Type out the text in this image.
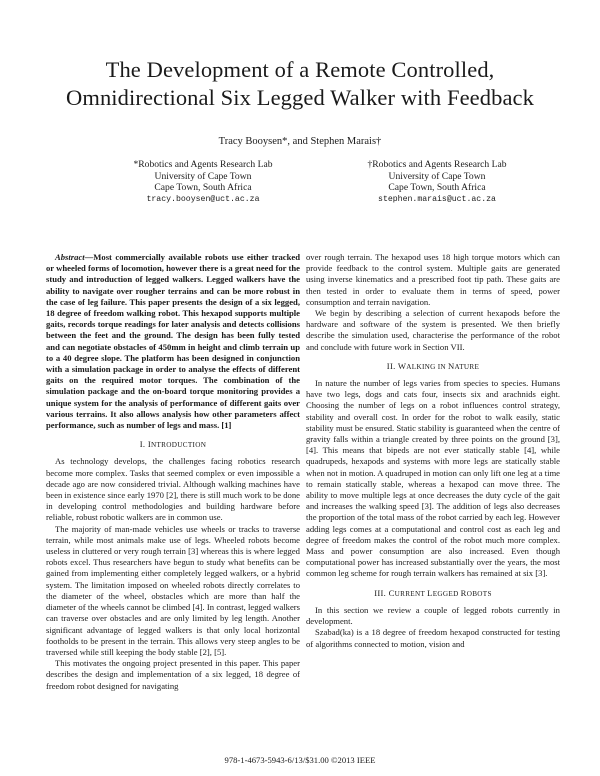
The Development of a Remote Controlled,
Omnidirectional Six Legged Walker with Feedback
Tracy Booysen*, and Stephen Marais†
*Robotics and Agents Research Lab
University of Cape Town
Cape Town, South Africa
tracy.booysen@uct.ac.za
†Robotics and Agents Research Lab
University of Cape Town
Cape Town, South Africa
stephen.marais@uct.ac.za

Abstract—Most commercially available robots use either tracked or wheeled forms of locomotion, however there is a great need for the study and introduction of legged walkers. Legged walkers have the ability to navigate over rougher terrains and can be more robust in the case of leg failure. This paper presents the design of a six legged, 18 degree of freedom walking robot. This hexapod supports multiple gaits, records torque readings for later analysis and detects collisions between the feet and the ground. The design has been fully tested and can negotiate obstacles of 450mm in height and climb terrain up to a 40 degree slope. The platform has been designed in conjunction with a simulation package in order to analyse the effects of different gaits on the required motor torques. The combination of the simulation package and the on-board torque monitoring provides a unique system for the analysis of performance of different gaits over various terrains. It also allows analysis how other parameters affect performance, such as number of legs and mass. [1]

I. INTRODUCTION

As technology develops, the challenges facing robotics research become more complex. Tasks that seemed complex or even impossible a decade ago are now considered trivial. Although walking machines have been in existence since early 1970 [2], there is still much work to be done in developing control methodologies and building hardware before reliable, robust robotic walkers are in common use.

The majority of man-made vehicles use wheels or tracks to traverse terrain, while most animals make use of legs. Wheeled robots become useless in cluttered or very rough terrain [3] whereas this is where legged robots excel. Thus researchers have begun to study what benefits can be gained from implementing either completely legged walkers, or a hybrid system. The limitation imposed on wheeled robots directly correlates to the diameter of the wheel, obstacles which are more than half the diameter of the wheels cannot be climbed [4]. In contrast, legged walkers can traverse over obstacles and are only limited by leg length. Another significant advantage of legged walkers is that only local horizontal footholds to be present in the terrain. This allows very steep angles to be traversed while still keeping the body stable [2], [5].

This motivates the ongoing project presented in this paper. This paper describes the design and implementation of a six legged, 18 degree of freedom robot designed for navigating

over rough terrain. The hexapod uses 18 high torque motors which can provide feedback to the control system. Multiple gaits are generated using inverse kinematics and a prescribed foot tip path. These gaits are then tested in order to evaluate them in terms of speed, power consumption and terrain navigation.

We begin by describing a selection of current hexapods before the hardware and software of the system is presented. We then briefly describe the simulation used, characterise the performance of the robot and conclude with future work in Section VII.

II. WALKING IN NATURE

In nature the number of legs varies from species to species. Humans have two legs, dogs and cats four, insects six and arachnids eight. Choosing the number of legs on a robot influences control strategy, stability and overall cost. In order for the robot to walk easily, static stability must be ensured. Static stability is guaranteed when the centre of gravity falls within a triangle created by three points on the ground [3], [4]. This means that bipeds are not ever statically stable [4], while quadrupeds, hexapods and systems with more legs are statically stable when not in motion. A quadruped in motion can only lift one leg at a time to remain statically stable, whereas a hexapod can move three. The ability to move multiple legs at once decreases the duty cycle of the gait and increases the walking speed [3]. The addition of legs also decreases the proportion of the total mass of the robot carried by each leg. However adding legs comes at a computational and control cost as each leg and degree of freedom makes the control of the robot much more complex. Mass and power consumption are also increased. Even though computational power has increased substantially over the years, the most common leg scheme for rough terrain walkers has remained at six [3].

III. CURRENT LEGGED ROBOTS

In this section we review a couple of legged robots currently in development.

Szabad(ka) is a 18 degree of freedom hexapod constructed for testing of algorithms connected to motion, vision and

978-1-4673-5943-6/13/$31.00 ©2013 IEEE
